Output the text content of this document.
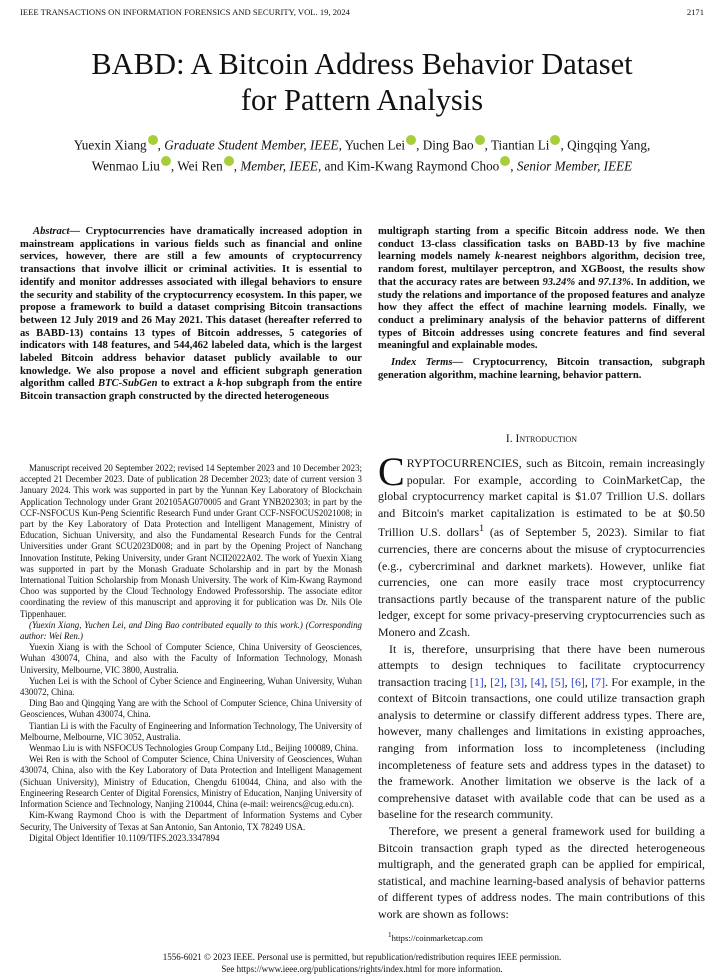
IEEE TRANSACTIONS ON INFORMATION FORENSICS AND SECURITY, VOL. 19, 2024	2171
BABD: A Bitcoin Address Behavior Dataset
for Pattern Analysis
Yuexin Xiang , Graduate Student Member, IEEE, Yuchen Lei , Ding Bao , Tiantian Li , Qingqing Yang,
Wenmao Liu , Wei Ren , Member, IEEE, and Kim-Kwang Raymond Choo , Senior Member, IEEE
Abstract— Cryptocurrencies have dramatically increased adoption in mainstream applications in various fields such as financial and online services, however, there are still a few amounts of cryptocurrency transactions that involve illicit or criminal activities. It is essential to identify and monitor addresses associated with illegal behaviors to ensure the security and stability of the cryptocurrency ecosystem. In this paper, we propose a framework to build a dataset comprising Bitcoin transactions between 12 July 2019 and 26 May 2021. This dataset (hereafter referred to as BABD-13) contains 13 types of Bitcoin addresses, 5 categories of indicators with 148 features, and 544,462 labeled data, which is the largest labeled Bitcoin address behavior dataset publicly available to our knowledge. We also propose a novel and efficient subgraph generation algorithm called BTC-SubGen to extract a k-hop subgraph from the entire Bitcoin transaction graph constructed by the directed heterogeneous
multigraph starting from a specific Bitcoin address node. We then conduct 13-class classification tasks on BABD-13 by five machine learning models namely k-nearest neighbors algorithm, decision tree, random forest, multilayer perceptron, and XGBoost, the results show that the accuracy rates are between 93.24% and 97.13%. In addition, we study the relations and importance of the proposed features and analyze how they affect the effect of machine learning models. Finally, we conduct a preliminary analysis of the behavior patterns of different types of Bitcoin addresses using concrete features and find several meaningful and explainable modes.
Index Terms— Cryptocurrency, Bitcoin transaction, subgraph generation algorithm, machine learning, behavior pattern.

Manuscript received 20 September 2022; revised 14 September 2023 and 10 December 2023; accepted 21 December 2023. Date of publication 28 December 2023; date of current version 3 January 2024. This work was supported in part by the Yunnan Key Laboratory of Blockchain Application Technology under Grant 202105AG070005 and Grant YNB202303; in part by the CCF-NSFOCUS Kun-Peng Scientific Research Fund under Grant CCF-NSFOCUS2021008; in part by the Key Laboratory of Data Protection and Intelligent Management, Ministry of Education, Sichuan University, and also the Fundamental Research Funds for the Central Universities under Grant SCU2023D008; and in part by the Opening Project of Nanchang Innovation Institute, Peking University, under Grant NCII2022A02. The work of Yuexin Xiang was supported in part by the Monash Graduate Scholarship and in part by the Monash International Tuition Scholarship from Monash University. The work of Kim-Kwang Raymond Choo was supported by the Cloud Technology Endowed Professorship. The associate editor coordinating the review of this manuscript and approving it for publication was Dr. Nils Ole Tippenhauer.

(Yuexin Xiang, Yuchen Lei, and Ding Bao contributed equally to this work.) (Corresponding author: Wei Ren.)

Yuexin Xiang is with the School of Computer Science, China University of Geosciences, Wuhan 430074, China, and also with the Faculty of Information Technology, Monash University, Melbourne, VIC 3800, Australia.

Yuchen Lei is with the School of Cyber Science and Engineering, Wuhan University, Wuhan 430072, China.

Ding Bao and Qingqing Yang are with the School of Computer Science, China University of Geosciences, Wuhan 430074, China.

Tiantian Li is with the Faculty of Engineering and Information Technology, The University of Melbourne, Melbourne, VIC 3052, Australia.

Wenmao Liu is with NSFOCUS Technologies Group Company Ltd., Beijing 100089, China.

Wei Ren is with the School of Computer Science, China University of Geosciences, Wuhan 430074, China, also with the Key Laboratory of Data Protection and Intelligent Management (Sichuan University), Ministry of Education, Chengdu 610044, China, and also with the Engineering Research Center of Digital Forensics, Ministry of Education, Nanjing University of Information Science and Technology, Nanjing 210044, China (e-mail: weirencs@cug.edu.cn).

Kim-Kwang Raymond Choo is with the Department of Information Systems and Cyber Security, The University of Texas at San Antonio, San Antonio, TX 78249 USA.

Digital Object Identifier 10.1109/TIFS.2023.3347894

I. Introduction

CRYPTOCURRENCIES, such as Bitcoin, remain increasingly popular. For example, according to CoinMarketCap, the global cryptocurrency market capital is $1.07 Trillion U.S. dollars and Bitcoin's market capitalization is estimated to be at $0.50 Trillion U.S. dollars$^1$ (as of September 5, 2023). Similar to fiat currencies, there are concerns about the misuse of cryptocurrencies (e.g., cybercriminal and darknet markets). However, unlike fiat currencies, one can more easily trace most cryptocurrency transactions partly because of the transparent nature of the public ledger, except for some privacy-preserving cryptocurrencies such as Monero and Zcash.

It is, therefore, unsurprising that there have been numerous attempts to design techniques to facilitate cryptocurrency transaction tracing [1], [2], [3], [4], [5], [6], [7]. For example, in the context of Bitcoin transactions, one could utilize transaction graph analysis to determine or classify different address types. There are, however, many challenges and limitations in existing approaches, ranging from information loss to incompleteness (including incompleteness of feature sets and address types in the dataset) to the framework. Another limitation we observe is the lack of a comprehensive dataset with available code that can be used as a baseline for the research community.

Therefore, we present a general framework used for building a Bitcoin transaction graph typed as the directed heterogeneous multigraph, and the generated graph can be applied for empirical, statistical, and machine learning-based analysis of behavior patterns of different types of address nodes. The main contributions of this work are shown as follows:

$^1$https://coinmarketcap.com
1556-6021 © 2023 IEEE. Personal use is permitted, but republication/redistribution requires IEEE permission.
See https://www.ieee.org/publications/rights/index.html for more information.
